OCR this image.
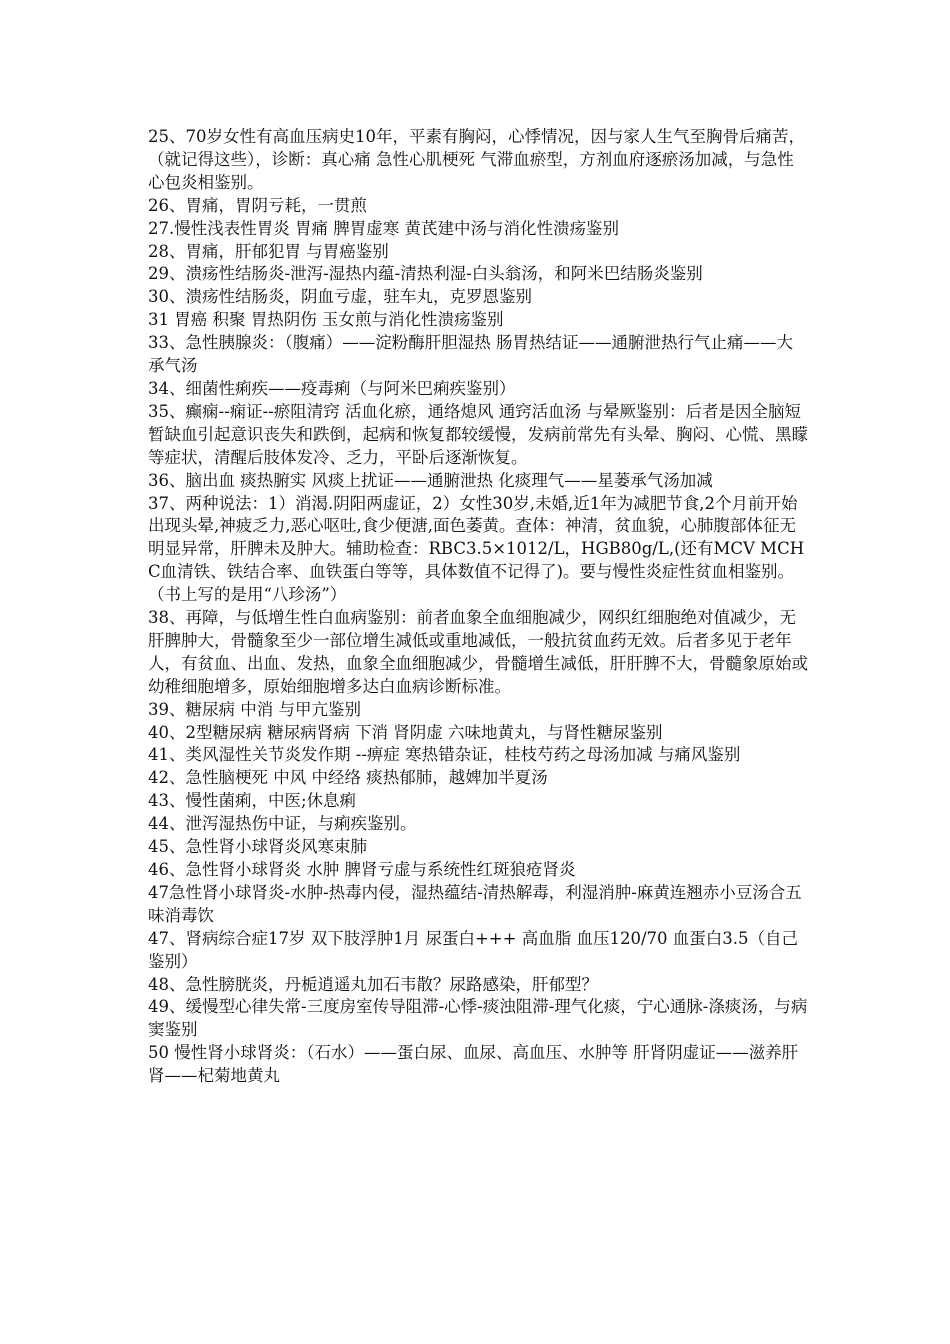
25、70岁女性有高血压病史10年，平素有胸闷，心悸情况，因与家人生气至胸骨后痛苦，（就记得这些），诊断：真心痛 急性心肌梗死 气滞血瘀型，方剂血府逐瘀汤加减，与急性心包炎相鉴别。

26、胃痛，胃阴亏耗，一贯煎

27.慢性浅表性胃炎 胃痛 脾胃虚寒 黄芪建中汤与消化性溃疡鉴别

28、胃痛，肝郁犯胃 与胃癌鉴别

29、溃疡性结肠炎-泄泻-湿热内蕴-清热利湿-白头翁汤，和阿米巴结肠炎鉴别

30、溃疡性结肠炎，阴血亏虚，驻车丸，克罗恩鉴别

31 胃癌 积聚 胃热阴伤 玉女煎与消化性溃疡鉴别

33、急性胰腺炎：（腹痛）——淀粉酶肝胆湿热 肠胃热结证——通腑泄热行气止痛——大承气汤

34、细菌性痢疾——疫毒痢（与阿米巴痢疾鉴别）

35、癫痫--痫证--瘀阻清窍 活血化瘀，通络熄风 通窍活血汤 与晕厥鉴别：后者是因全脑短暂缺血引起意识丧失和跌倒，起病和恢复都较缓慢，发病前常先有头晕、胸闷、心慌、黑矇等症状，清醒后肢体发冷、乏力，平卧后逐渐恢复。

36、脑出血 痰热腑实 风痰上扰证——通腑泄热 化痰理气——星蒌承气汤加减

37、两种说法：1）消渴.阴阳两虚证，2）女性30岁,未婚,近1年为减肥节食,2个月前开始出现头晕,神疲乏力,恶心呕吐,食少便溏,面色萎黄。查体：神清，贫血貌，心肺腹部体征无明显异常，肝脾未及肿大。辅助检查：RBC3.5×1012/L，HGB80g/L,(还有MCV MCHC血清铁、铁结合率、血铁蛋白等等，具体数值不记得了)。要与慢性炎症性贫血相鉴别。（书上写的是用“八珍汤”）

38、再障，与低增生性白血病鉴别：前者血象全血细胞减少，网织红细胞绝对值减少，无肝脾肿大，骨髓象至少一部位增生减低或重地减低，一般抗贫血药无效。后者多见于老年人，有贫血、出血、发热，血象全血细胞减少，骨髓增生减低，肝肝脾不大，骨髓象原始或幼稚细胞增多，原始细胞增多达白血病诊断标准。

39、糖尿病 中消 与甲亢鉴别

40、2型糖尿病 糖尿病肾病 下消 肾阴虚 六味地黄丸，与肾性糖尿鉴别

41、类风湿性关节炎发作期 --痹症 寒热错杂证，桂枝芍药之母汤加减 与痛风鉴别

42、急性脑梗死 中风 中经络 痰热郁肺，越婢加半夏汤

43、慢性菌痢，中医;休息痢

44、泄泻湿热伤中证，与痢疾鉴别。

45、急性肾小球肾炎风寒束肺

46、急性肾小球肾炎 水肿 脾肾亏虚与系统性红斑狼疮肾炎

47急性肾小球肾炎-水肿-热毒内侵，湿热蕴结-清热解毒，利湿消肿-麻黄连翘赤小豆汤合五味消毒饮

47、肾病综合症17岁 双下肢浮肿1月 尿蛋白+++ 高血脂 血压120/70 血蛋白3.5（自己鉴别）

48、急性膀胱炎，丹栀逍遥丸加石韦散？尿路感染，肝郁型？

49、缓慢型心律失常-三度房室传导阻滞-心悸-痰浊阻滞-理气化痰，宁心通脉-涤痰汤，与病窦鉴别

50 慢性肾小球肾炎：（石水）——蛋白尿、血尿、高血压、水肿等 肝肾阴虚证——滋养肝肾——杞菊地黄丸
